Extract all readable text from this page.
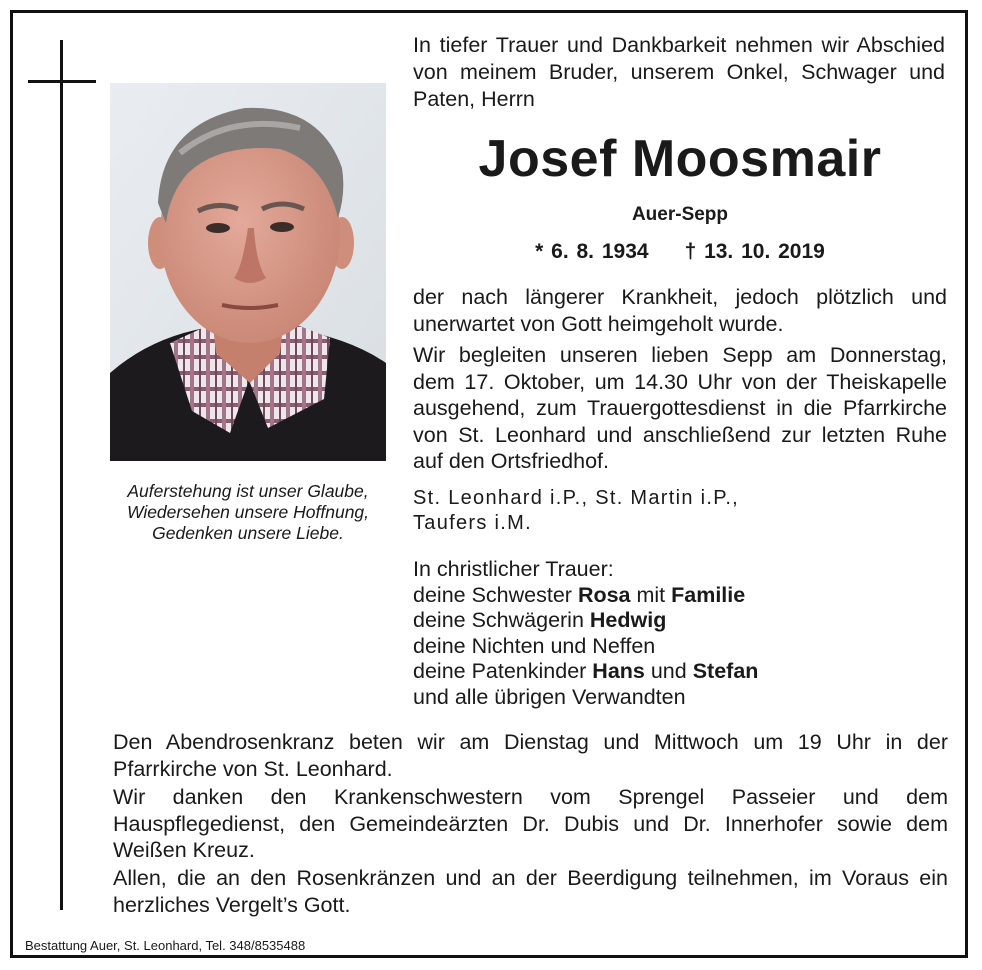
Auferstehung ist unser Glaube,
Wiedersehen unsere Hoffnung,
Gedenken unsere Liebe.
In tiefer Trauer und Dankbarkeit nehmen wir Abschied von meinem Bruder, unserem Onkel, Schwager und Paten, Herrn
Josef Moosmair
Auer-Sepp
* 6. 8. 1934 † 13. 10. 2019
der nach längerer Krankheit, jedoch plötzlich und unerwartet von Gott heimgeholt wurde.
Wir begleiten unseren lieben Sepp am Donnerstag, dem 17. Oktober, um 14.30 Uhr von der Theiskapelle ausgehend, zum Trauergottesdienst in die Pfarrkirche von St. Leonhard und anschließend zur letzten Ruhe auf den Ortsfriedhof.
St. Leonhard i.P., St. Martin i.P.,
Taufers i.M.
In christlicher Trauer:
deine Schwester Rosa mit Familie
deine Schwägerin Hedwig
deine Nichten und Neffen
deine Patenkinder Hans und Stefan
und alle übrigen Verwandten
Den Abendrosenkranz beten wir am Dienstag und Mittwoch um 19 Uhr in der Pfarrkirche von St. Leonhard.
Wir danken den Krankenschwestern vom Sprengel Passeier und dem Hauspflegedienst, den Gemeindeärzten Dr. Dubis und Dr. Innerhofer sowie dem Weißen Kreuz.
Allen, die an den Rosenkränzen und an der Beerdigung teilnehmen, im Voraus ein herzliches Vergelt’s Gott.
Bestattung Auer, St. Leonhard, Tel. 348/8535488
